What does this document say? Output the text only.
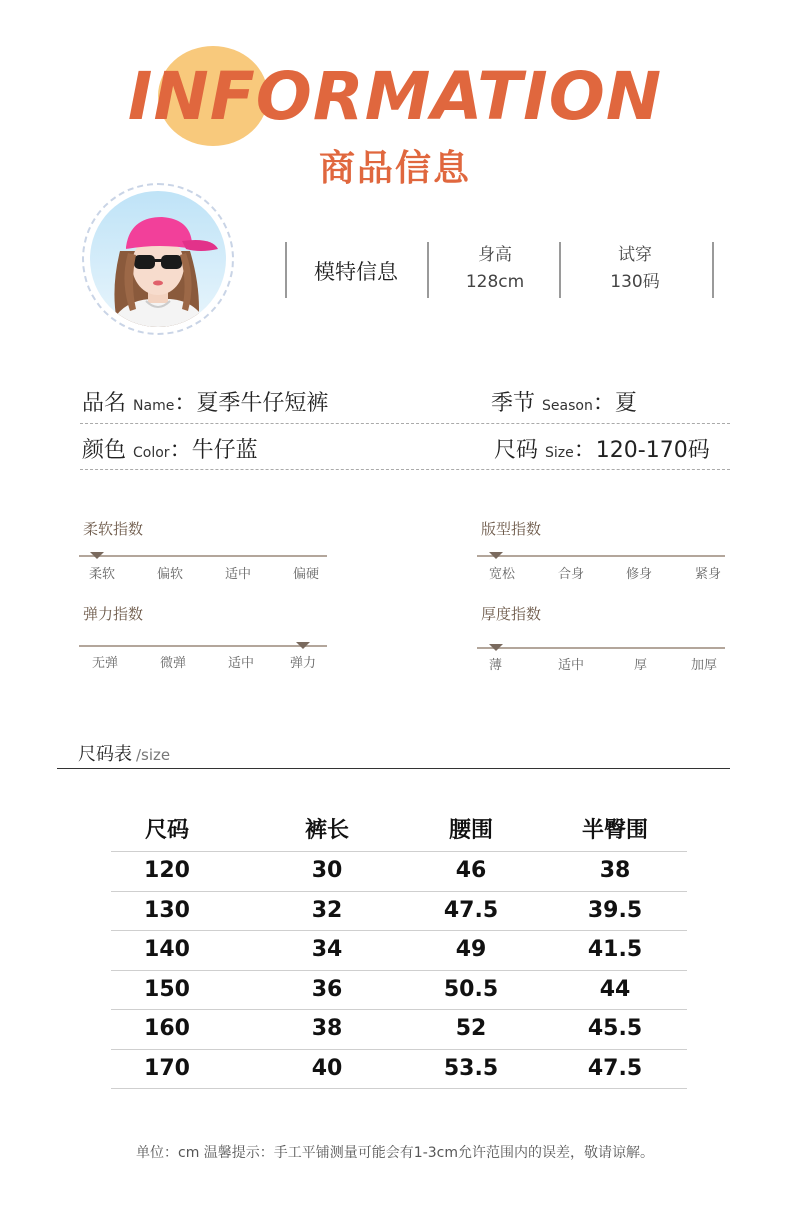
INFORMATION
商品信息
模特信息
身高
128cm
试穿
130码
品名 Name：夏季牛仔短裤	季节 Season：夏
颜色 Color：牛仔蓝	尺码 Size：120-170码
柔软指数
柔软	偏软	适中	偏硬
版型指数
宽松	合身	修身	紧身
弹力指数
无弹	微弹	适中	弹力
厚度指数
薄	适中	厚	加厚
尺码表 /size
尺码	裤长	腰围	半臀围
120	30	46	38
130	32	47.5	39.5
140	34	49	41.5
150	36	50.5	44
160	38	52	45.5
170	40	53.5	47.5
单位：cm 温馨提示：手工平铺测量可能会有1-3cm允许范围内的误差，敬请谅解。
